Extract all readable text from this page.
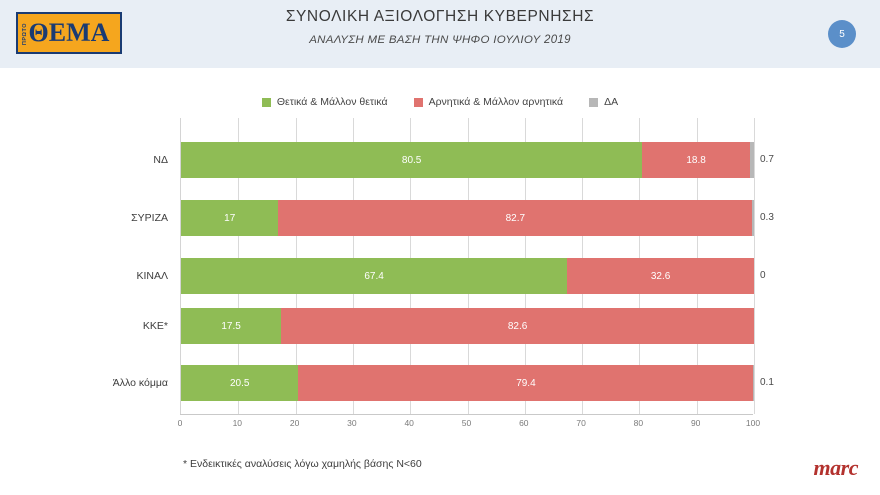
ΠΡΩΤΟ ΘΕΜΑ
ΣΥΝΟΛΙΚΗ ΑΞΙΟΛΟΓΗΣΗ ΚΥΒΕΡΝΗΣΗΣ
ΑΝΑΛΥΣΗ ΜΕ ΒΑΣΗ ΤΗΝ ΨΗΦΟ ΙΟΥΛΙΟΥ 2019	5
Θετικά & Μάλλον θετικά	Αρνητικά & Μάλλον αρνητικά	ΔΑ
ΝΔ
ΣΥΡΙΖΑ
ΚΙΝΑΛ
ΚΚΕ*
Άλλο κόμμα
80.5	18.8	0.7
17	82.7	0.3
67.4	32.6	0
17.5	82.6
20.5	79.4	0.1
0	10	20	30	40	50	60	70	80	90	100
* Ενδεικτικές αναλύσεις λόγω χαμηλής βάσης Ν<60	marc
